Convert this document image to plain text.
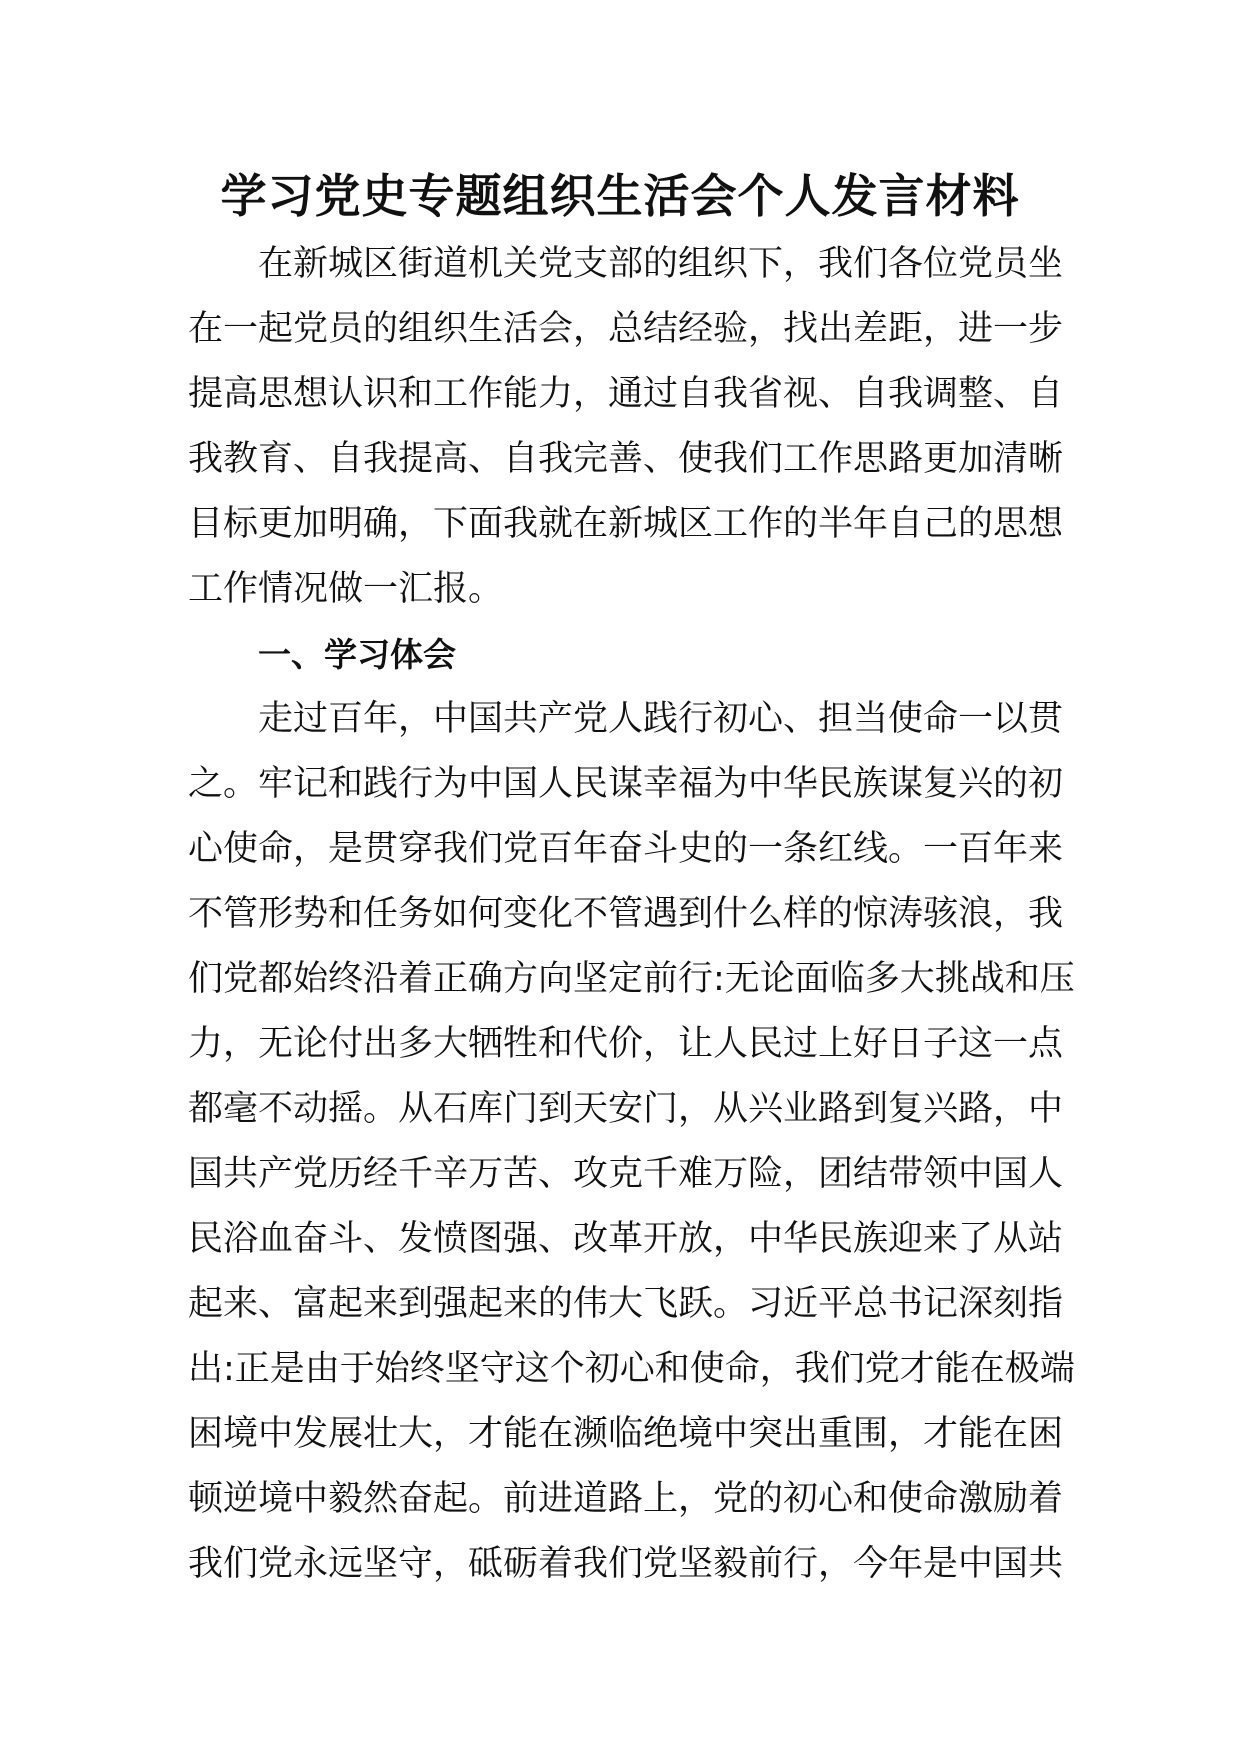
学习党史专题组织生活会个人发言材料
在新城区街道机关党支部的组织下，我们各位党员坐
在一起党员的组织生活会，总结经验，找出差距，进一步
提高思想认识和工作能力，通过自我省视、自我调整、自
我教育、自我提高、自我完善、使我们工作思路更加清晰
目标更加明确，下面我就在新城区工作的半年自己的思想
工作情况做一汇报。
一、学习体会
走过百年，中国共产党人践行初心、担当使命一以贯
之。牢记和践行为中国人民谋幸福为中华民族谋复兴的初
心使命，是贯穿我们党百年奋斗史的一条红线。一百年来
不管形势和任务如何变化不管遇到什么样的惊涛骇浪，我
们党都始终沿着正确方向坚定前行:无论面临多大挑战和压
力，无论付出多大牺牲和代价，让人民过上好日子这一点
都毫不动摇。从石库门到天安门，从兴业路到复兴路，中
国共产党历经千辛万苦、攻克千难万险，团结带领中国人
民浴血奋斗、发愤图强、改革开放，中华民族迎来了从站
起来、富起来到强起来的伟大飞跃。习近平总书记深刻指
出:正是由于始终坚守这个初心和使命，我们党才能在极端
困境中发展壮大，才能在濒临绝境中突出重围，才能在困
顿逆境中毅然奋起。前进道路上，党的初心和使命激励着
我们党永远坚守，砥砺着我们党坚毅前行，今年是中国共
